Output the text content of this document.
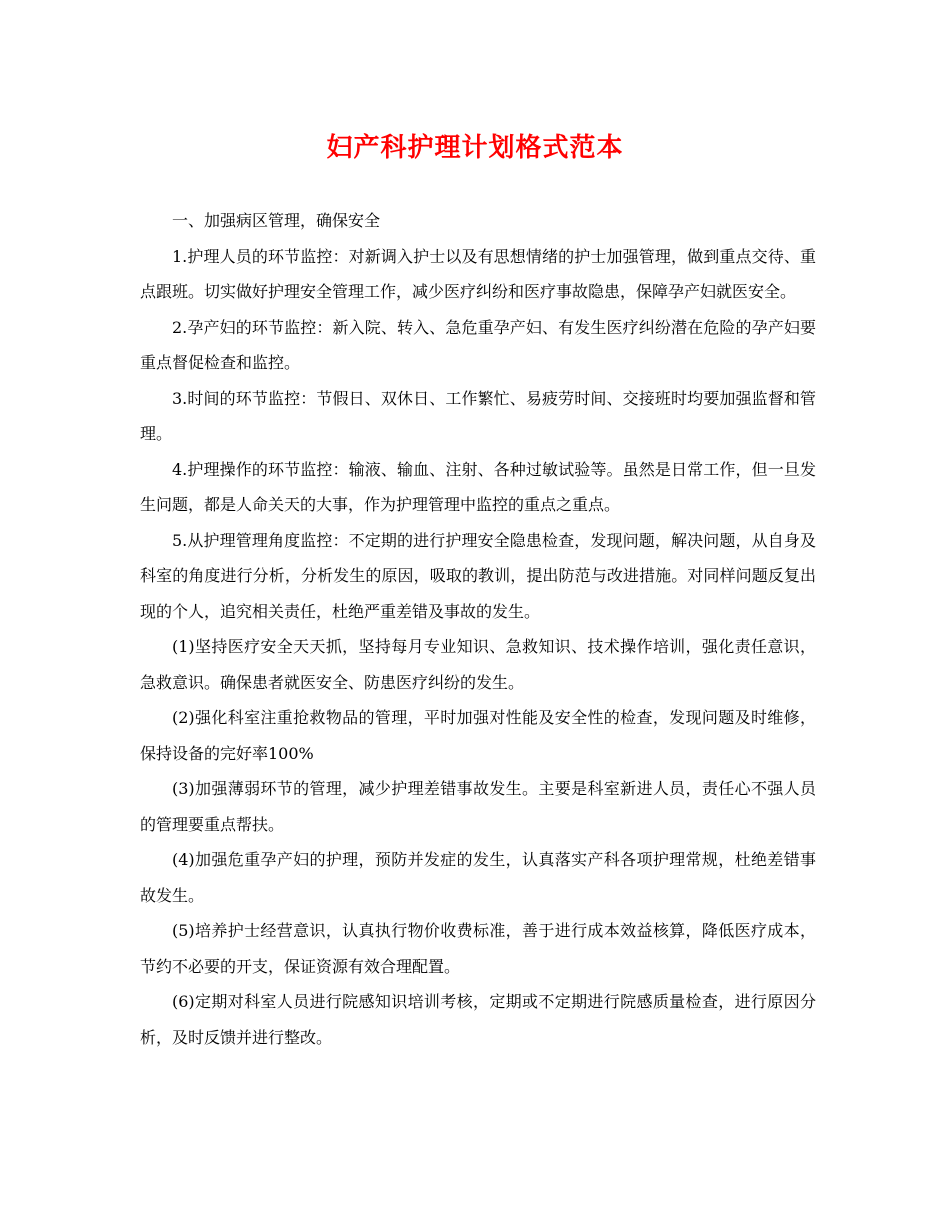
妇产科护理计划格式范本

一、加强病区管理，确保安全

1.护理人员的环节监控：对新调入护士以及有思想情绪的护士加强管理，做到重点交待、重点跟班。切实做好护理安全管理工作，减少医疗纠纷和医疗事故隐患，保障孕产妇就医安全。

2.孕产妇的环节监控：新入院、转入、急危重孕产妇、有发生医疗纠纷潜在危险的孕产妇要重点督促检查和监控。

3.时间的环节监控：节假日、双休日、工作繁忙、易疲劳时间、交接班时均要加强监督和管理。

4.护理操作的环节监控：输液、输血、注射、各种过敏试验等。虽然是日常工作，但一旦发生问题，都是人命关天的大事，作为护理管理中监控的重点之重点。

5.从护理管理角度监控：不定期的进行护理安全隐患检查，发现问题，解决问题，从自身及科室的角度进行分析，分析发生的原因，吸取的教训，提出防范与改进措施。对同样问题反复出现的个人，追究相关责任，杜绝严重差错及事故的发生。

(1)坚持医疗安全天天抓，坚持每月专业知识、急救知识、技术操作培训，强化责任意识，急救意识。确保患者就医安全、防患医疗纠纷的发生。

(2)强化科室注重抢救物品的管理，平时加强对性能及安全性的检查，发现问题及时维修，保持设备的完好率100%

(3)加强薄弱环节的管理，减少护理差错事故发生。主要是科室新进人员，责任心不强人员的管理要重点帮扶。

(4)加强危重孕产妇的护理，预防并发症的发生，认真落实产科各项护理常规，杜绝差错事故发生。

(5)培养护士经营意识，认真执行物价收费标准，善于进行成本效益核算，降低医疗成本，节约不必要的开支，保证资源有效合理配置。

(6)定期对科室人员进行院感知识培训考核，定期或不定期进行院感质量检查，进行原因分析，及时反馈并进行整改。
